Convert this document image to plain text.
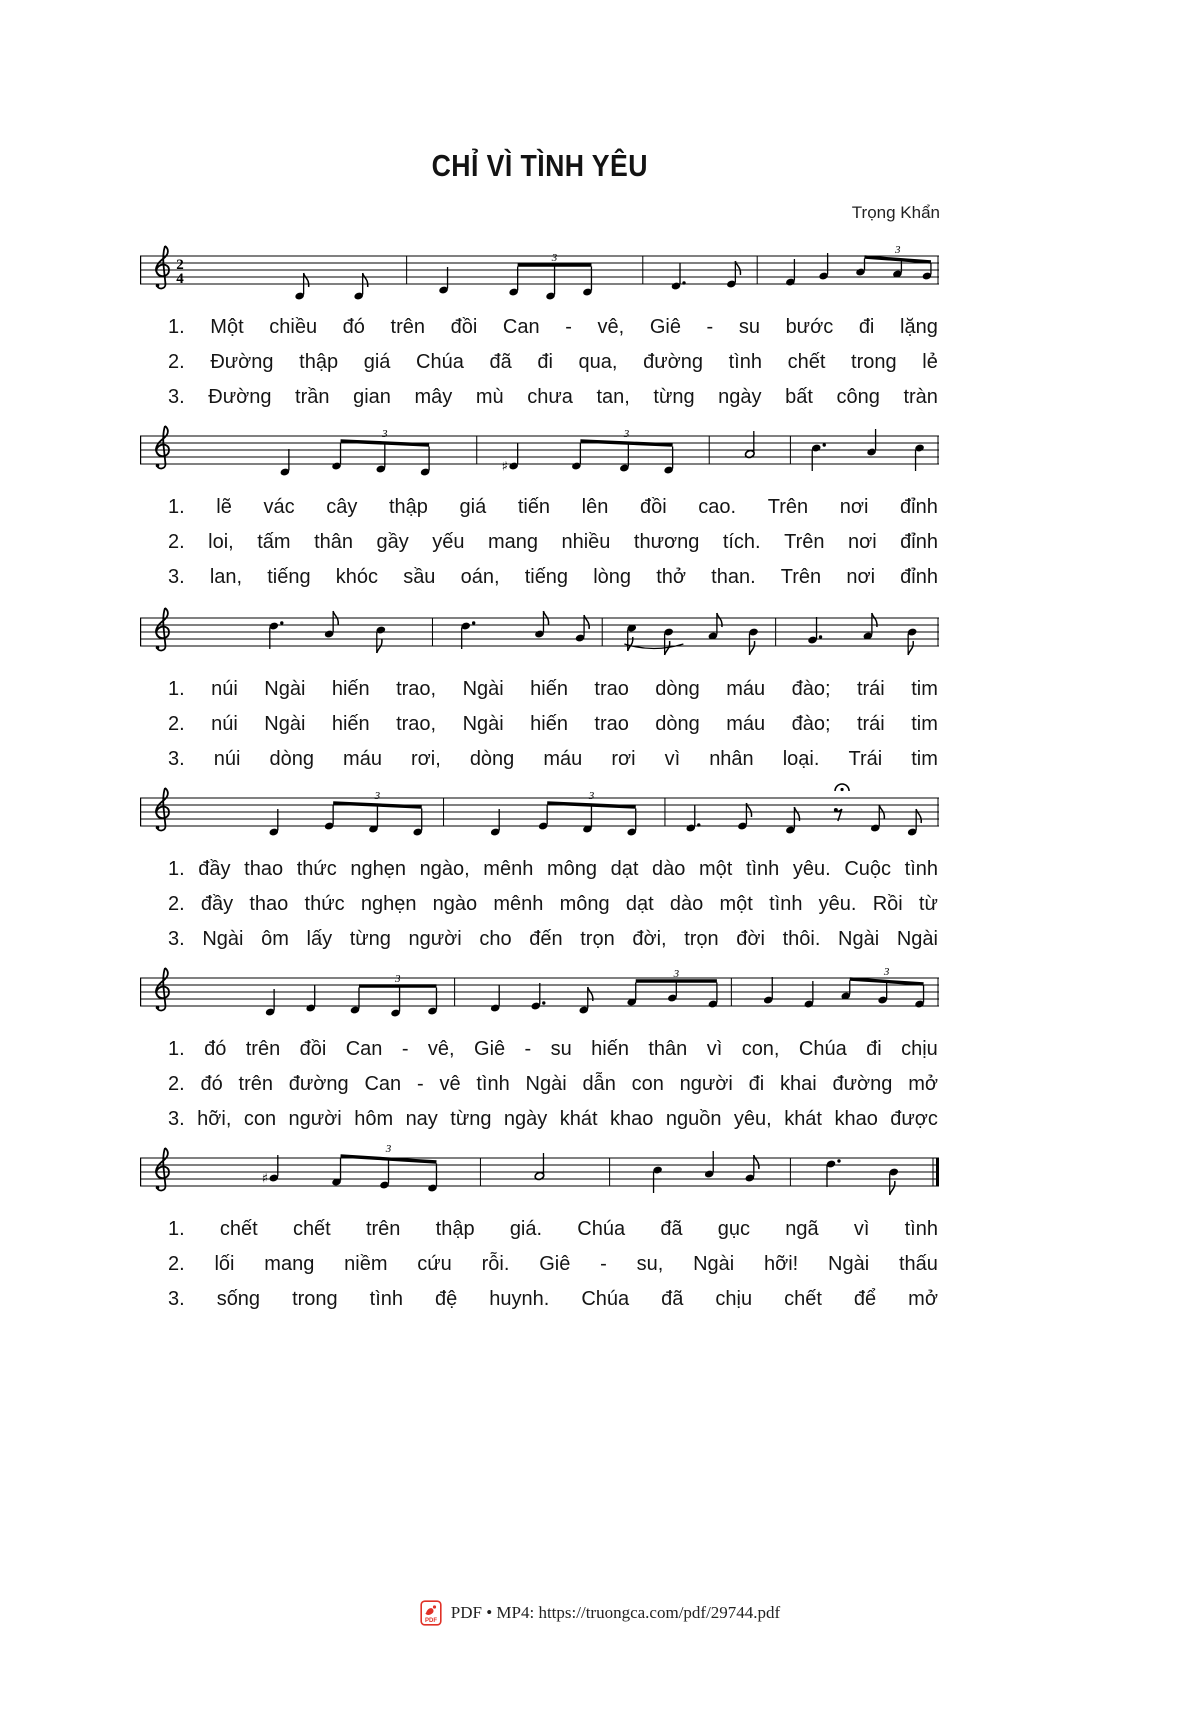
CHỈ VÌ TÌNH YÊU
Trọng Khẩn
2
4
3
3
1. Một chiều đó trên đồi Can - vê, Giê - su bước đi lặng
2. Đường thập giá Chúa đã đi qua, đường tình chết trong lẻ
3. Đường trần gian mây mù chưa tan, từng ngày bất công tràn
3	3
♯
1. lẽ vác cây thập giá tiến lên đồi cao. Trên nơi đỉnh
2. loi, tấm thân gầy yếu mang nhiều thương tích. Trên nơi đỉnh
3. lan, tiếng khóc sầu oán, tiếng lòng thở than. Trên nơi đỉnh
1. núi Ngài hiến trao, Ngài hiến trao dòng máu đào; trái tim
2. núi Ngài hiến trao, Ngài hiến trao dòng máu đào; trái tim
3. núi dòng máu rơi, dòng máu rơi vì nhân loại. Trái tim
3	3
1. đầy thao thức nghẹn ngào, mênh mông dạt dào một tình yêu. Cuộc tình
2. đầy thao thức nghẹn ngào mênh mông dạt dào một tình yêu. Rồi từ
3. Ngài ôm lấy từng người cho đến trọn đời, trọn đời thôi. Ngài Ngài
3	3	3
1. đó trên đồi Can - vê, Giê - su hiến thân vì con, Chúa đi chịu
2. đó trên đường Can - vê tình Ngài dẫn con người đi khai đường mở
3. hỡi, con người hôm nay từng ngày khát khao nguồn yêu, khát khao được
3
♯
1. chết chết trên thập giá. Chúa đã gục ngã vì tình
2. lối mang niềm cứu rỗi. Giê - su, Ngài hỡi! Ngài thấu
3. sống trong tình đệ huynh. Chúa đã chịu chết để mở
PDF PDF • MP4: https://truongca.com/pdf/29744.pdf
